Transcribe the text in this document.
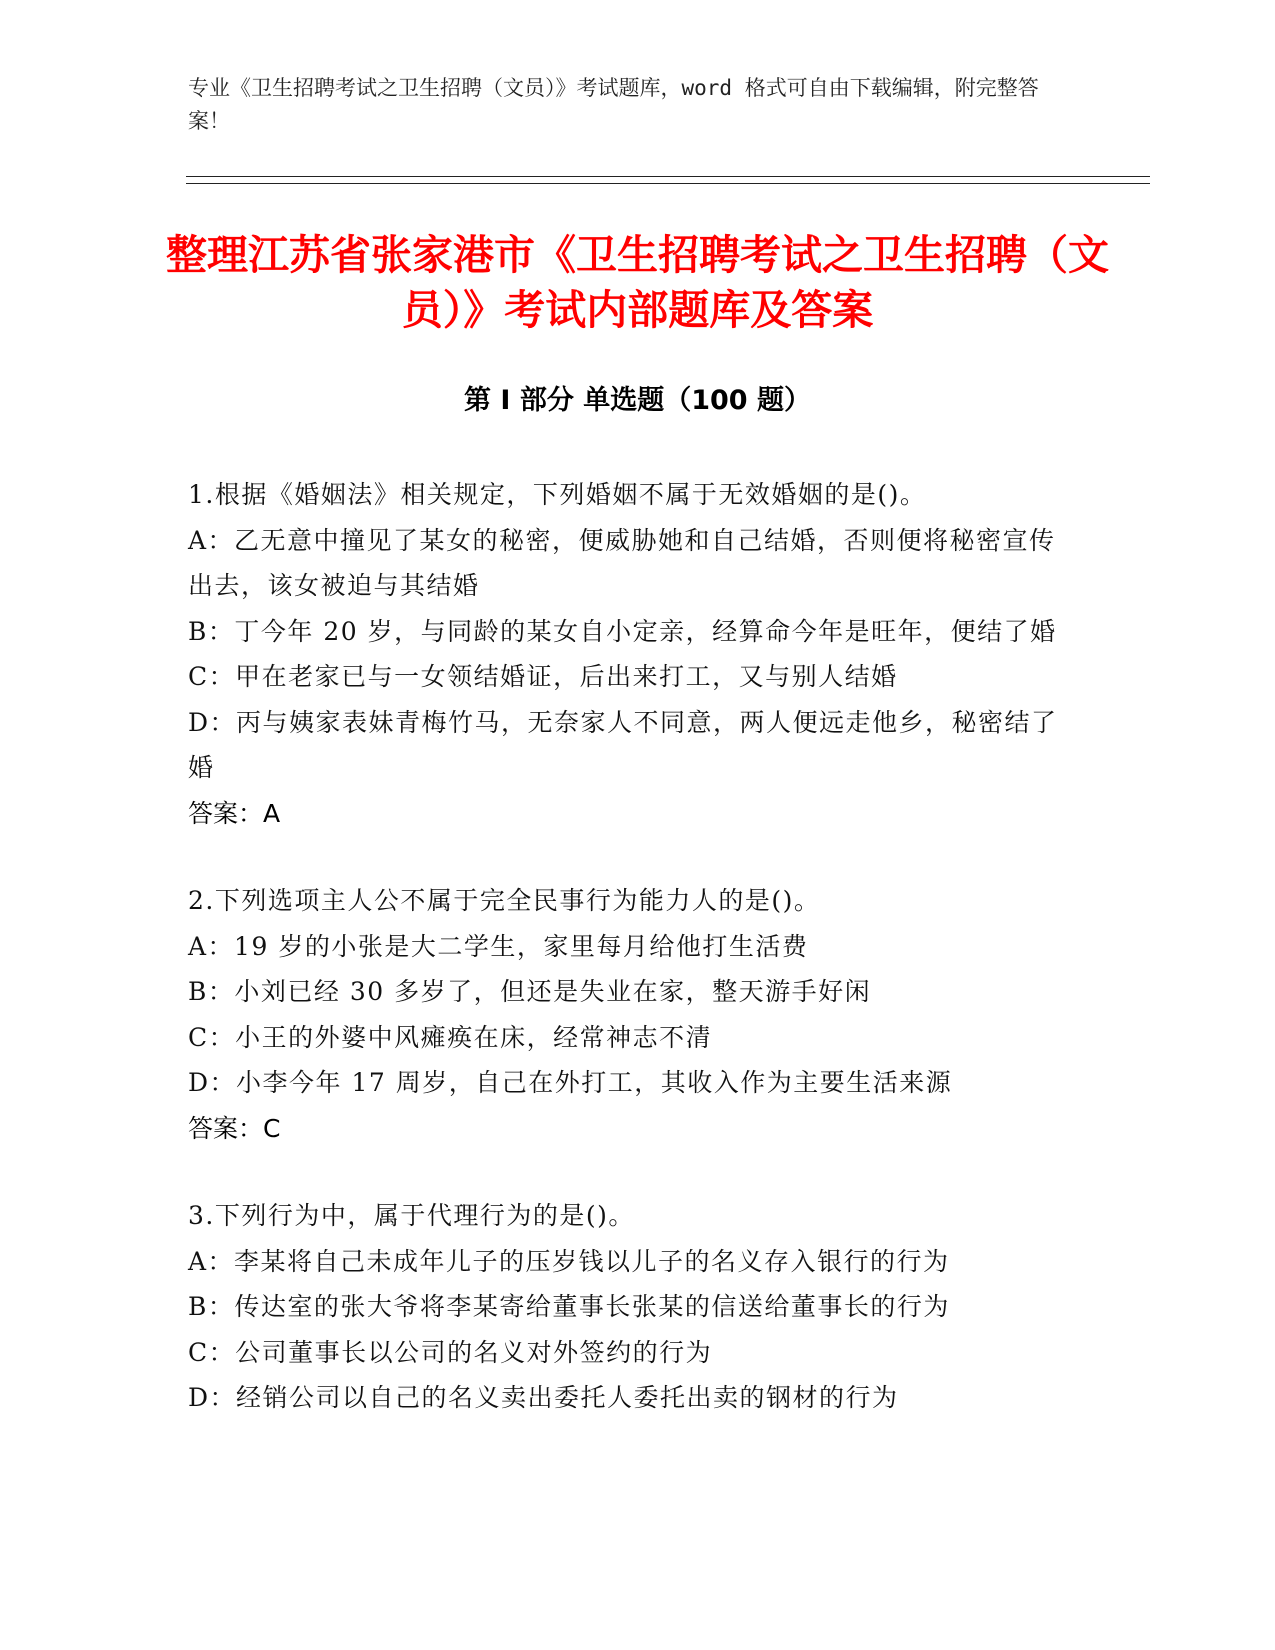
专业《卫生招聘考试之卫生招聘（文员）》考试题库，word 格式可自由下载编辑，附完整答案！

整理江苏省张家港市《卫生招聘考试之卫生招聘（文员）》考试内部题库及答案
第 I 部分 单选题（100 题）

1.根据《婚姻法》相关规定，下列婚姻不属于无效婚姻的是()。

A：乙无意中撞见了某女的秘密，便威胁她和自己结婚，否则便将秘密宣传出去，该女被迫与其结婚

B：丁今年 20 岁，与同龄的某女自小定亲，经算命今年是旺年，便结了婚

C：甲在老家已与一女领结婚证，后出来打工，又与别人结婚

D：丙与姨家表妹青梅竹马，无奈家人不同意，两人便远走他乡，秘密结了婚

答案：A

2.下列选项主人公不属于完全民事行为能力人的是()。

A：19 岁的小张是大二学生，家里每月给他打生活费

B：小刘已经 30 多岁了，但还是失业在家，整天游手好闲

C：小王的外婆中风瘫痪在床，经常神志不清

D：小李今年 17 周岁，自己在外打工，其收入作为主要生活来源

答案：C

3.下列行为中，属于代理行为的是()。

A：李某将自己未成年儿子的压岁钱以儿子的名义存入银行的行为

B：传达室的张大爷将李某寄给董事长张某的信送给董事长的行为

C：公司董事长以公司的名义对外签约的行为

D：经销公司以自己的名义卖出委托人委托出卖的钢材的行为
